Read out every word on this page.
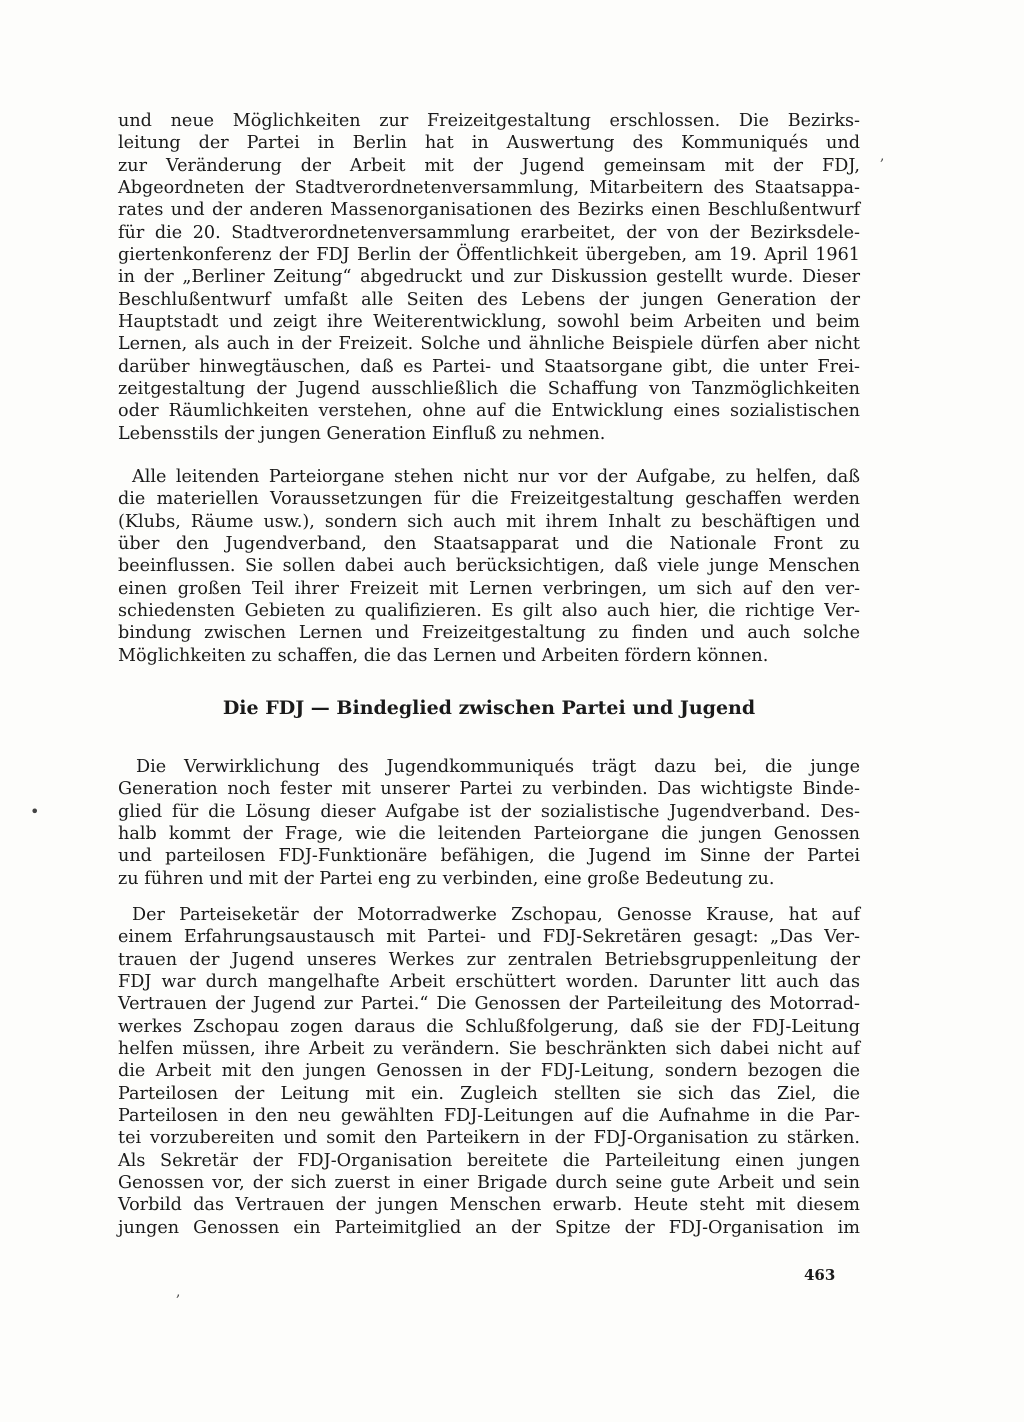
und neue Möglichkeiten zur Freizeitgestaltung erschlossen. Die Bezirks-
leitung der Partei in Berlin hat in Auswertung des Kommuniqués und
zur Veränderung der Arbeit mit der Jugend gemeinsam mit der FDJ,
Abgeordneten der Stadtverordnetenversammlung, Mitarbeitern des Staatsappa-
rates und der anderen Massenorganisationen des Bezirks einen Beschlußentwurf
für die 20. Stadtverordnetenversammlung erarbeitet, der von der Bezirksdele-
giertenkonferenz der FDJ Berlin der Öffentlichkeit übergeben, am 19. April 1961
in der „Berliner Zeitung“ abgedruckt und zur Diskussion gestellt wurde. Dieser
Beschlußentwurf umfaßt alle Seiten des Lebens der jungen Generation der
Hauptstadt und zeigt ihre Weiterentwicklung, sowohl beim Arbeiten und beim
Lernen, als auch in der Freizeit. Solche und ähnliche Beispiele dürfen aber nicht
darüber hinwegtäuschen, daß es Partei- und Staatsorgane gibt, die unter Frei-
zeitgestaltung der Jugend ausschließlich die Schaffung von Tanzmöglichkeiten
oder Räumlichkeiten verstehen, ohne auf die Entwicklung eines sozialistischen
Lebensstils der jungen Generation Einfluß zu nehmen.
Alle leitenden Parteiorgane stehen nicht nur vor der Aufgabe, zu helfen, daß
die materiellen Voraussetzungen für die Freizeitgestaltung geschaffen werden
(Klubs, Räume usw.), sondern sich auch mit ihrem Inhalt zu beschäftigen und
über den Jugendverband, den Staatsapparat und die Nationale Front zu
beeinflussen. Sie sollen dabei auch berücksichtigen, daß viele junge Menschen
einen großen Teil ihrer Freizeit mit Lernen verbringen, um sich auf den ver-
schiedensten Gebieten zu qualifizieren. Es gilt also auch hier, die richtige Ver-
bindung zwischen Lernen und Freizeitgestaltung zu finden und auch solche
Möglichkeiten zu schaffen, die das Lernen und Arbeiten fördern können.
Die FDJ — Bindeglied zwischen Partei und Jugend
Die Verwirklichung des Jugendkommuniqués trägt dazu bei, die junge
Generation noch fester mit unserer Partei zu verbinden. Das wichtigste Binde-
glied für die Lösung dieser Aufgabe ist der sozialistische Jugendverband. Des-
halb kommt der Frage, wie die leitenden Parteiorgane die jungen Genossen
und parteilosen FDJ-Funktionäre befähigen, die Jugend im Sinne der Partei
zu führen und mit der Partei eng zu verbinden, eine große Bedeutung zu.
Der Parteiseketär der Motorradwerke Zschopau, Genosse Krause, hat auf
einem Erfahrungsaustausch mit Partei- und FDJ-Sekretären gesagt: „Das Ver-
trauen der Jugend unseres Werkes zur zentralen Betriebsgruppenleitung der
FDJ war durch mangelhafte Arbeit erschüttert worden. Darunter litt auch das
Vertrauen der Jugend zur Partei.“ Die Genossen der Parteileitung des Motorrad-
werkes Zschopau zogen daraus die Schlußfolgerung, daß sie der FDJ-Leitung
helfen müssen, ihre Arbeit zu verändern. Sie beschränkten sich dabei nicht auf
die Arbeit mit den jungen Genossen in der FDJ-Leitung, sondern bezogen die
Parteilosen der Leitung mit ein. Zugleich stellten sie sich das Ziel, die
Parteilosen in den neu gewählten FDJ-Leitungen auf die Aufnahme in die Par-
tei vorzubereiten und somit den Parteikern in der FDJ-Organisation zu stärken.
Als Sekretär der FDJ-Organisation bereitete die Parteileitung einen jungen
Genossen vor, der sich zuerst in einer Brigade durch seine gute Arbeit und sein
Vorbild das Vertrauen der jungen Menschen erwarb. Heute steht mit diesem
jungen Genossen ein Parteimitglied an der Spitze der FDJ-Organisation im
463
,
•
,
